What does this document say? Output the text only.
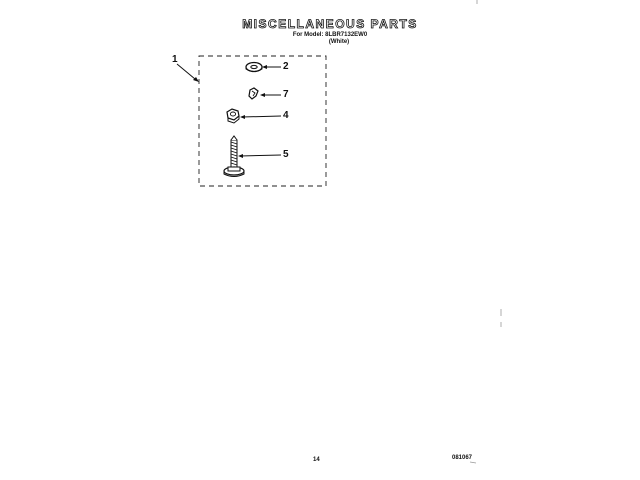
MISCELLANEOUS PARTS
For Model: 8LBR7132EW0
(White)
1
2
7
4
5
14	081067
